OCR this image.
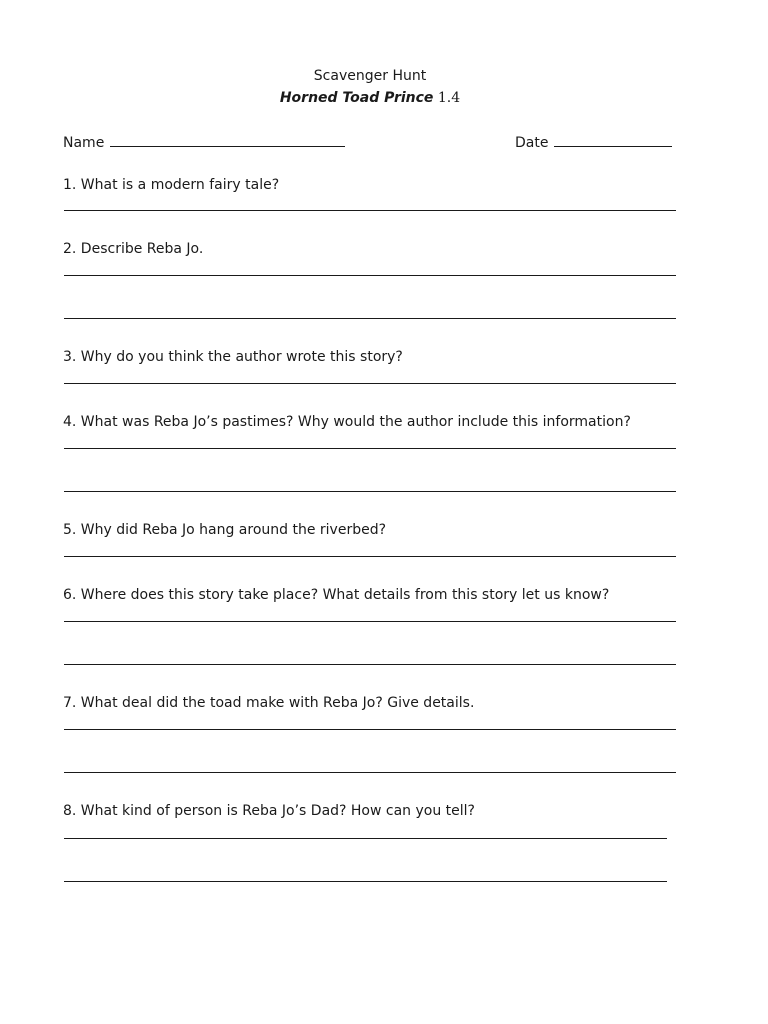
Scavenger Hunt
Horned Toad Prince 1.4
Name	Date
1. What is a modern fairy tale?
2. Describe Reba Jo.
3. Why do you think the author wrote this story?
4. What was Reba Jo’s pastimes? Why would the author include this information?
5. Why did Reba Jo hang around the riverbed?
6. Where does this story take place? What details from this story let us know?
7. What deal did the toad make with Reba Jo? Give details.
8. What kind of person is Reba Jo’s Dad? How can you tell?
